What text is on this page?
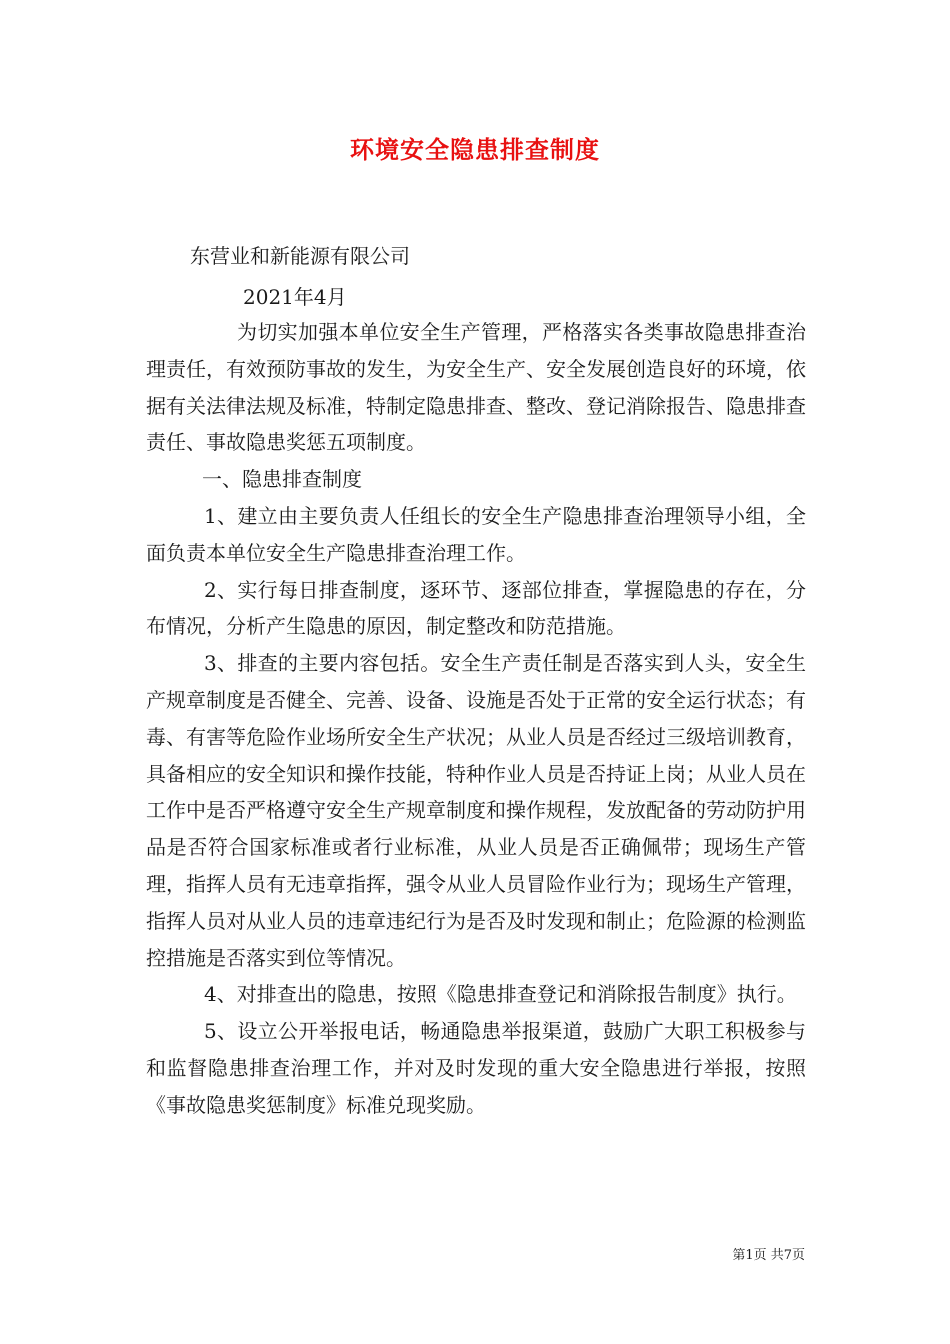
环境安全隐患排查制度
东营业和新能源有限公司
2021年4月

为切实加强本单位安全生产管理，严格落实各类事故隐患排查治理责任，有效预防事故的发生，为安全生产、安全发展创造良好的环境，依据有关法律法规及标准，特制定隐患排查、整改、登记消除报告、隐患排查责任、事故隐患奖惩五项制度。

一、隐患排查制度

1、建立由主要负责人任组长的安全生产隐患排查治理领导小组，全面负责本单位安全生产隐患排查治理工作。

2、实行每日排查制度，逐环节、逐部位排查，掌握隐患的存在，分布情况，分析产生隐患的原因，制定整改和防范措施。

3、排查的主要内容包括。安全生产责任制是否落实到人头，安全生产规章制度是否健全、完善、设备、设施是否处于正常的安全运行状态；有毒、有害等危险作业场所安全生产状况；从业人员是否经过三级培训教育，具备相应的安全知识和操作技能，特种作业人员是否持证上岗；从业人员在工作中是否严格遵守安全生产规章制度和操作规程，发放配备的劳动防护用品是否符合国家标准或者行业标准，从业人员是否正确佩带；现场生产管理，指挥人员有无违章指挥，强令从业人员冒险作业行为；现场生产管理，指挥人员对从业人员的违章违纪行为是否及时发现和制止；危险源的检测监控措施是否落实到位等情况。

4、对排查出的隐患，按照《隐患排查登记和消除报告制度》执行。

5、设立公开举报电话，畅通隐患举报渠道，鼓励广大职工积极参与和监督隐患排查治理工作，并对及时发现的重大安全隐患进行举报，按照《事故隐患奖惩制度》标准兑现奖励。

第1页 共7页
